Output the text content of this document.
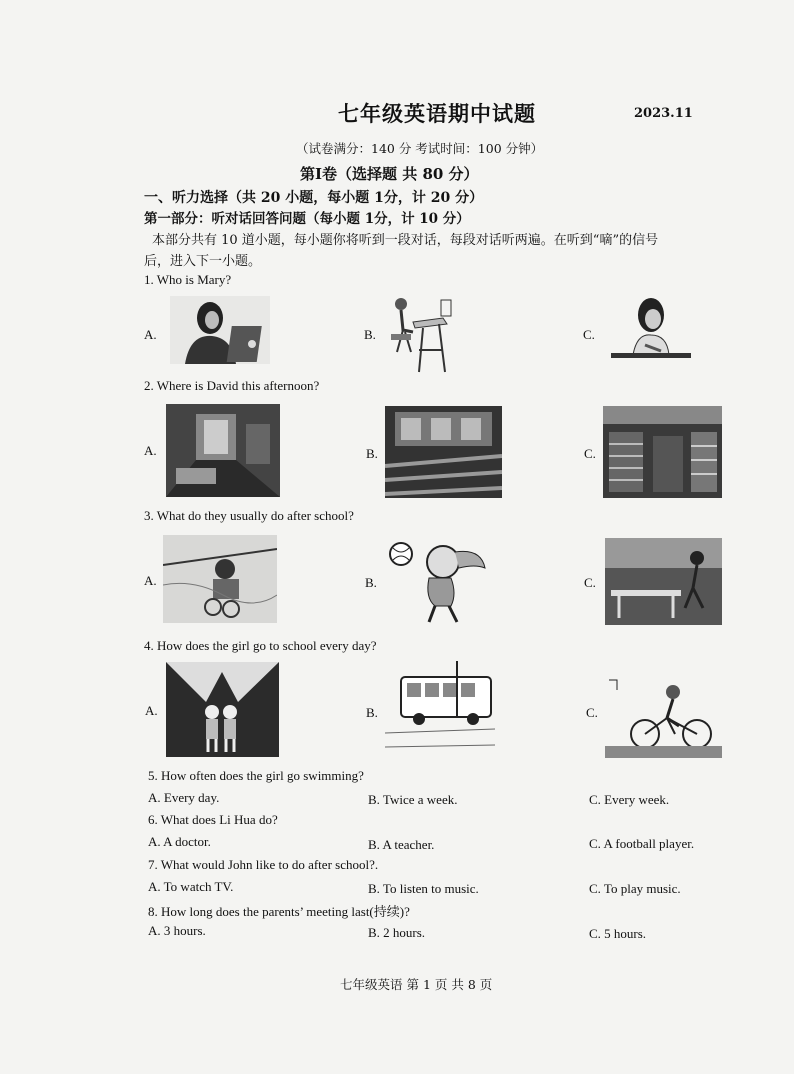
七年级英语期中试题	2023.11
（试卷满分：140 分 考试时间：100 分钟）
第Ⅰ卷（选择题 共 80 分）
一、听力选择（共 20 小题，每小题 1分，计 20 分）
第一部分：听对话回答问题（每小题 1分，计 10 分）
本部分共有 10 道小题，每小题你将听到一段对话，每段对话听两遍。在听到“嘀”的信号
后，进入下一小题。
1. Who is Mary?
A.	B.	C.
2. Where is David this afternoon?
A.	B.	C.
3. What do they usually do after school?
A.	B.	C.
4. How does the girl go to school every day?
A.	B.	C.
5. How often does the girl go swimming?
A. Every day.	B. Twice a week.	C. Every week.
6. What does Li Hua do?
A. A doctor.	B. A teacher.	C. A football player.
7. What would John like to do after school?.
A. To watch TV.	B. To listen to music.	C. To play music.
8. How long does the parents’ meeting last(持续)?
A. 3 hours.	B. 2 hours.	C. 5 hours.
七年级英语 第 1 页 共 8 页
